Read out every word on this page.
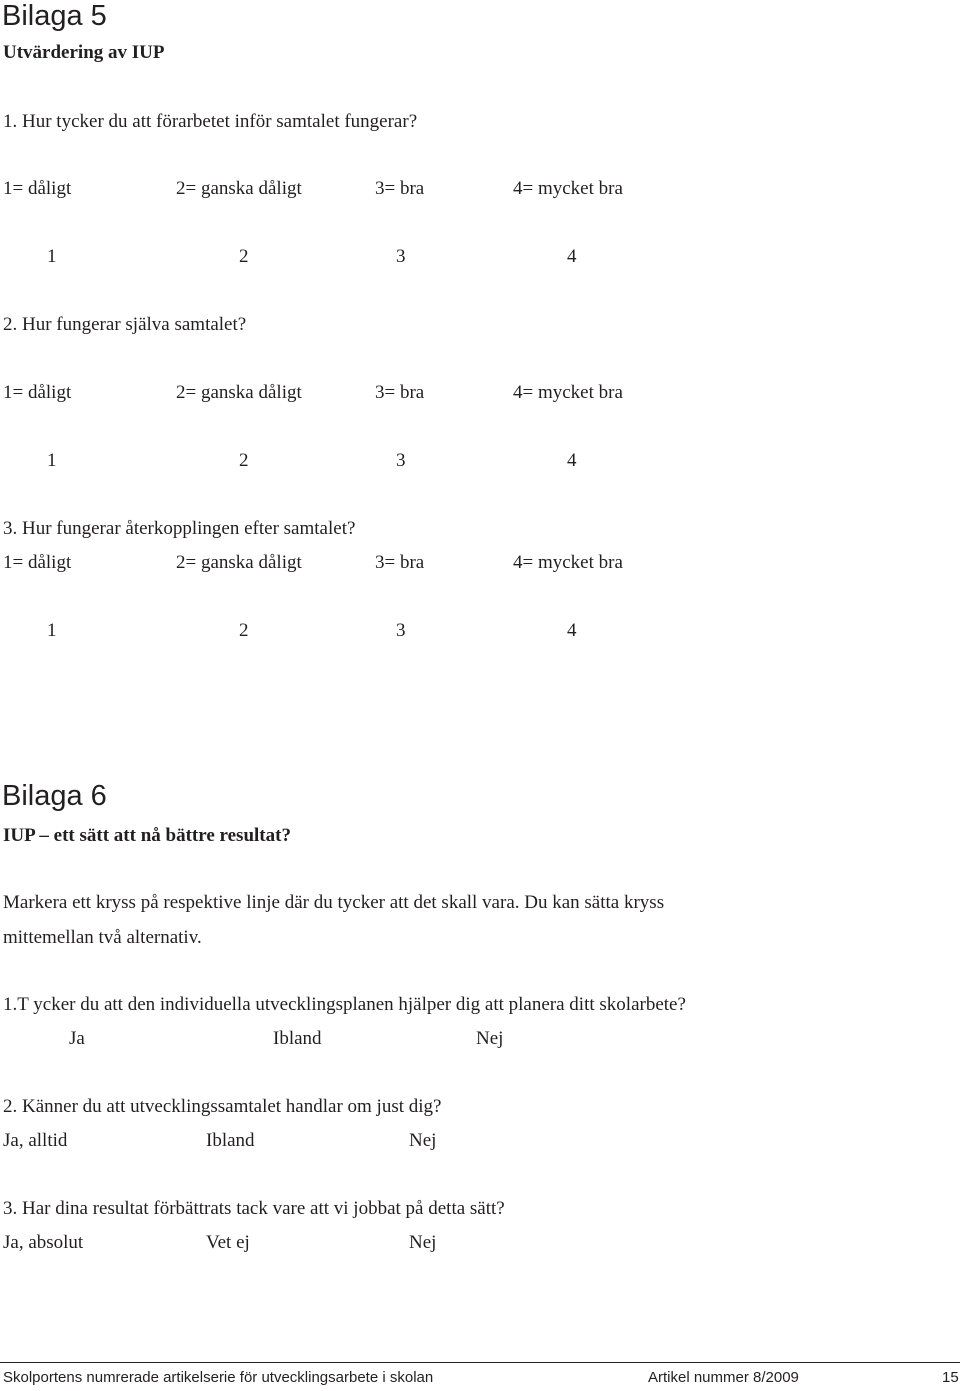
Bilaga 5
Utvärdering av IUP
1. Hur tycker du att förarbetet inför samtalet fungerar?
1= dåligt	2= ganska dåligt	3= bra	4= mycket bra
1	2	3	4
2. Hur fungerar själva samtalet?
1= dåligt	2= ganska dåligt	3= bra	4= mycket bra
1	2	3	4
3. Hur fungerar återkopplingen efter samtalet?
1= dåligt	2= ganska dåligt	3= bra	4= mycket bra
1	2	3	4
Bilaga 6
IUP – ett sätt att nå bättre resultat?
Markera ett kryss på respektive linje där du tycker att det skall vara. Du kan sätta kryss
mittemellan två alternativ.
1.T ycker du att den individuella utvecklingsplanen hjälper dig att planera ditt skolarbete?
Ja	Ibland	Nej
2. Känner du att utvecklingssamtalet handlar om just dig?
Ja, alltid	Ibland	Nej
3. Har dina resultat förbättrats tack vare att vi jobbat på detta sätt?
Ja, absolut	Vet ej	Nej
Skolportens numrerade artikelserie för utvecklingsarbete i skolan	Artikel nummer 8/2009	15
